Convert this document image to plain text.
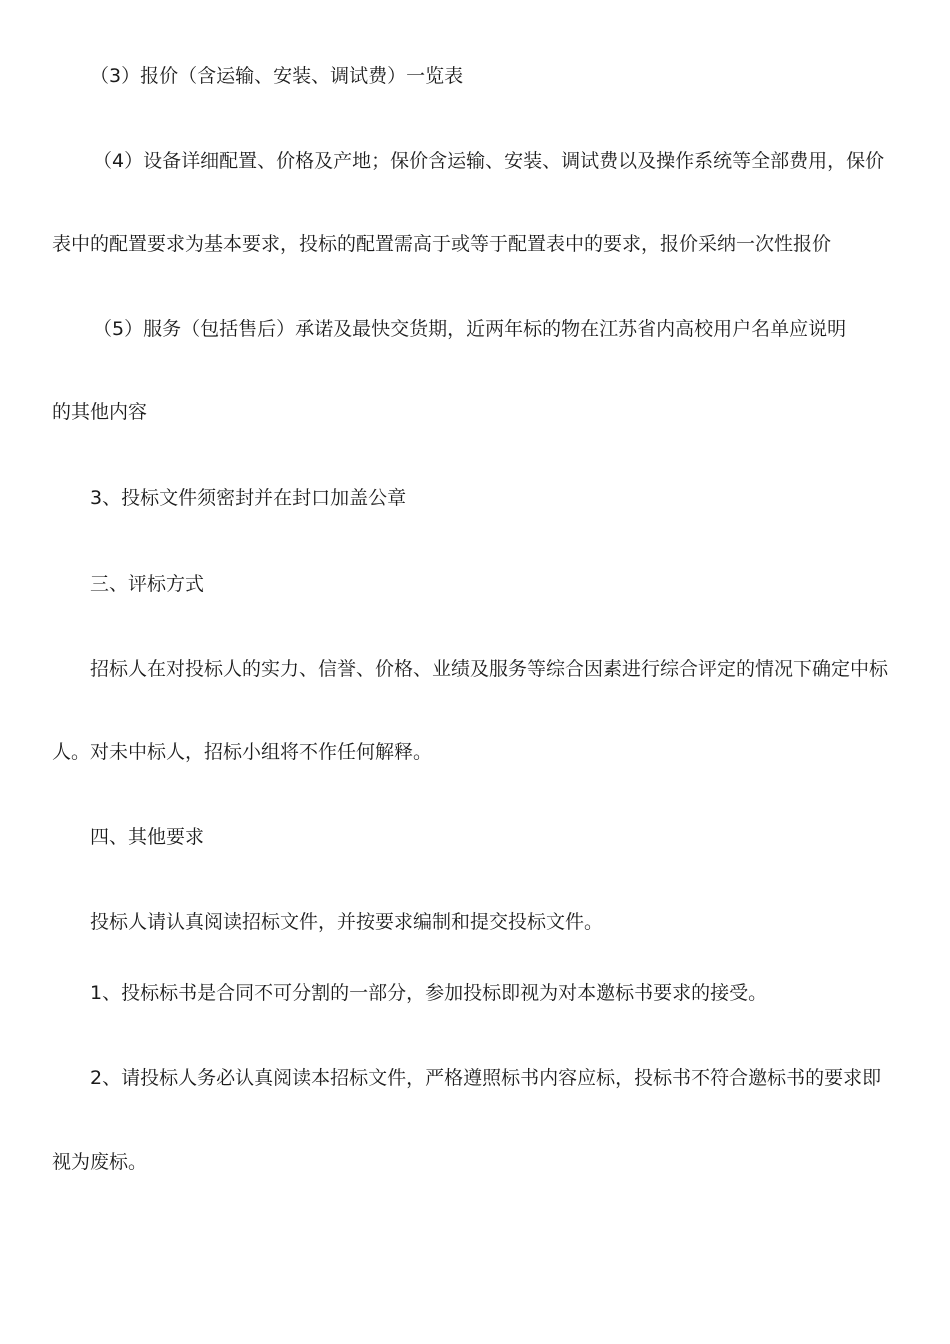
（3）报价（含运输、安装、调试费）一览表
（4）设备详细配置、价格及产地；保价含运输、安装、调试费以及操作系统等全部费用，保价
表中的配置要求为基本要求，投标的配置需高于或等于配置表中的要求，报价采纳一次性报价
（5）服务（包括售后）承诺及最快交货期，近两年标的物在江苏省内高校用户名单应说明
的其他内容
3、投标文件须密封并在封口加盖公章
三、评标方式
招标人在对投标人的实力、信誉、价格、业绩及服务等综合因素进行综合评定的情况下确定中标
人。对未中标人，招标小组将不作任何解释。
四、其他要求
投标人请认真阅读招标文件，并按要求编制和提交投标文件。
1、投标标书是合同不可分割的一部分，参加投标即视为对本邀标书要求的接受。
2、请投标人务必认真阅读本招标文件，严格遵照标书内容应标，投标书不符合邀标书的要求即
视为废标。
